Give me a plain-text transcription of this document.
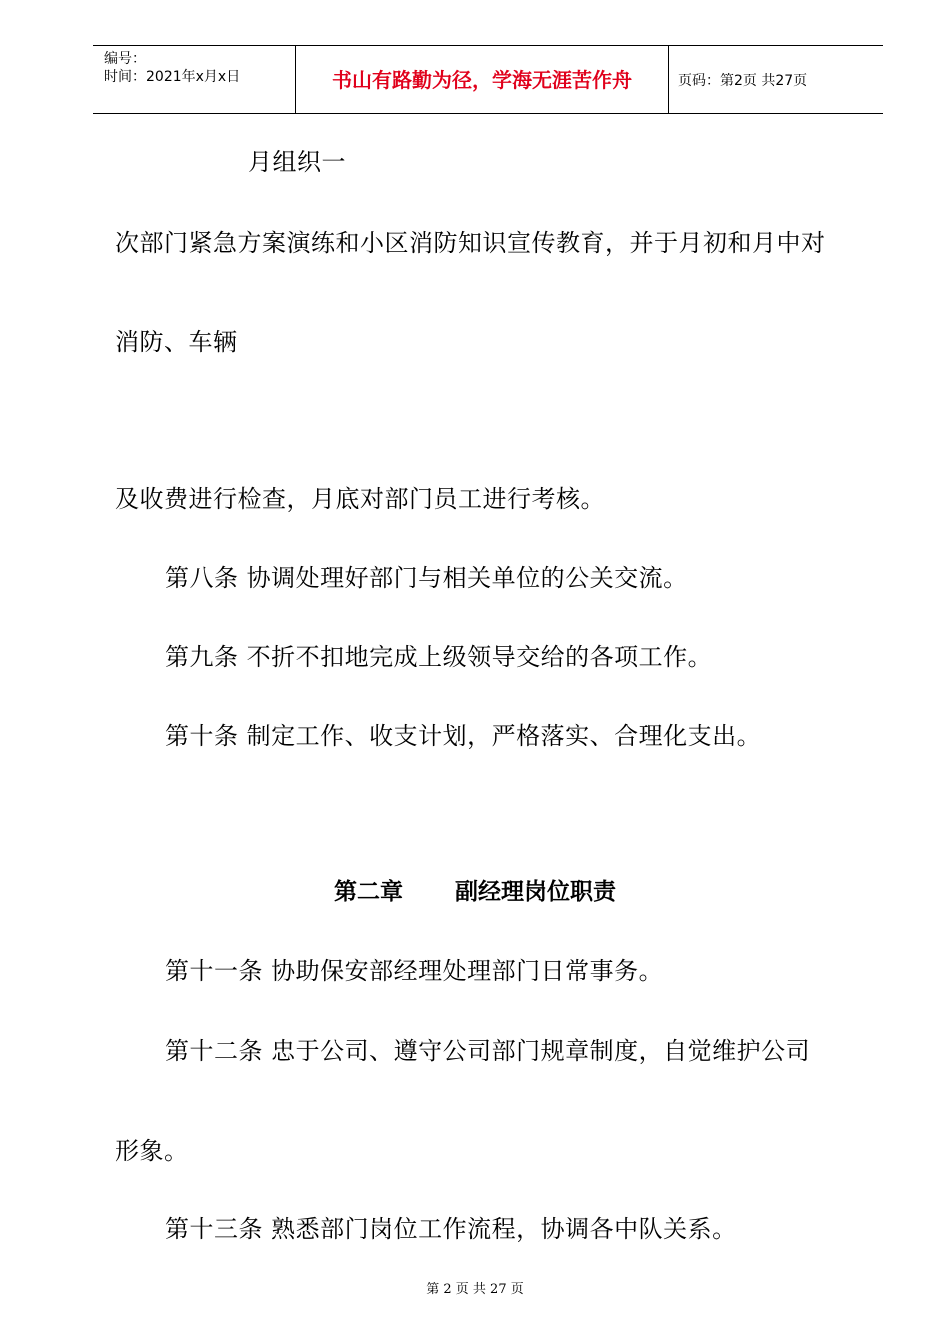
编号：
时间：2021年x月x日	书山有路勤为径，学海无涯苦作舟	页码：第2页 共27页
月组织一
次部门紧急方案演练和小区消防知识宣传教育，并于月初和月中对
消防、车辆
及收费进行检查，月底对部门员工进行考核。
第八条 协调处理好部门与相关单位的公关交流。
第九条 不折不扣地完成上级领导交给的各项工作。
第十条 制定工作、收支计划，严格落实、合理化支出。
第二章 副经理岗位职责
第十一条 协助保安部经理处理部门日常事务。
第十二条 忠于公司、遵守公司部门规章制度，自觉维护公司
形象。
第十三条 熟悉部门岗位工作流程，协调各中队关系。
第 2 页 共 27 页
